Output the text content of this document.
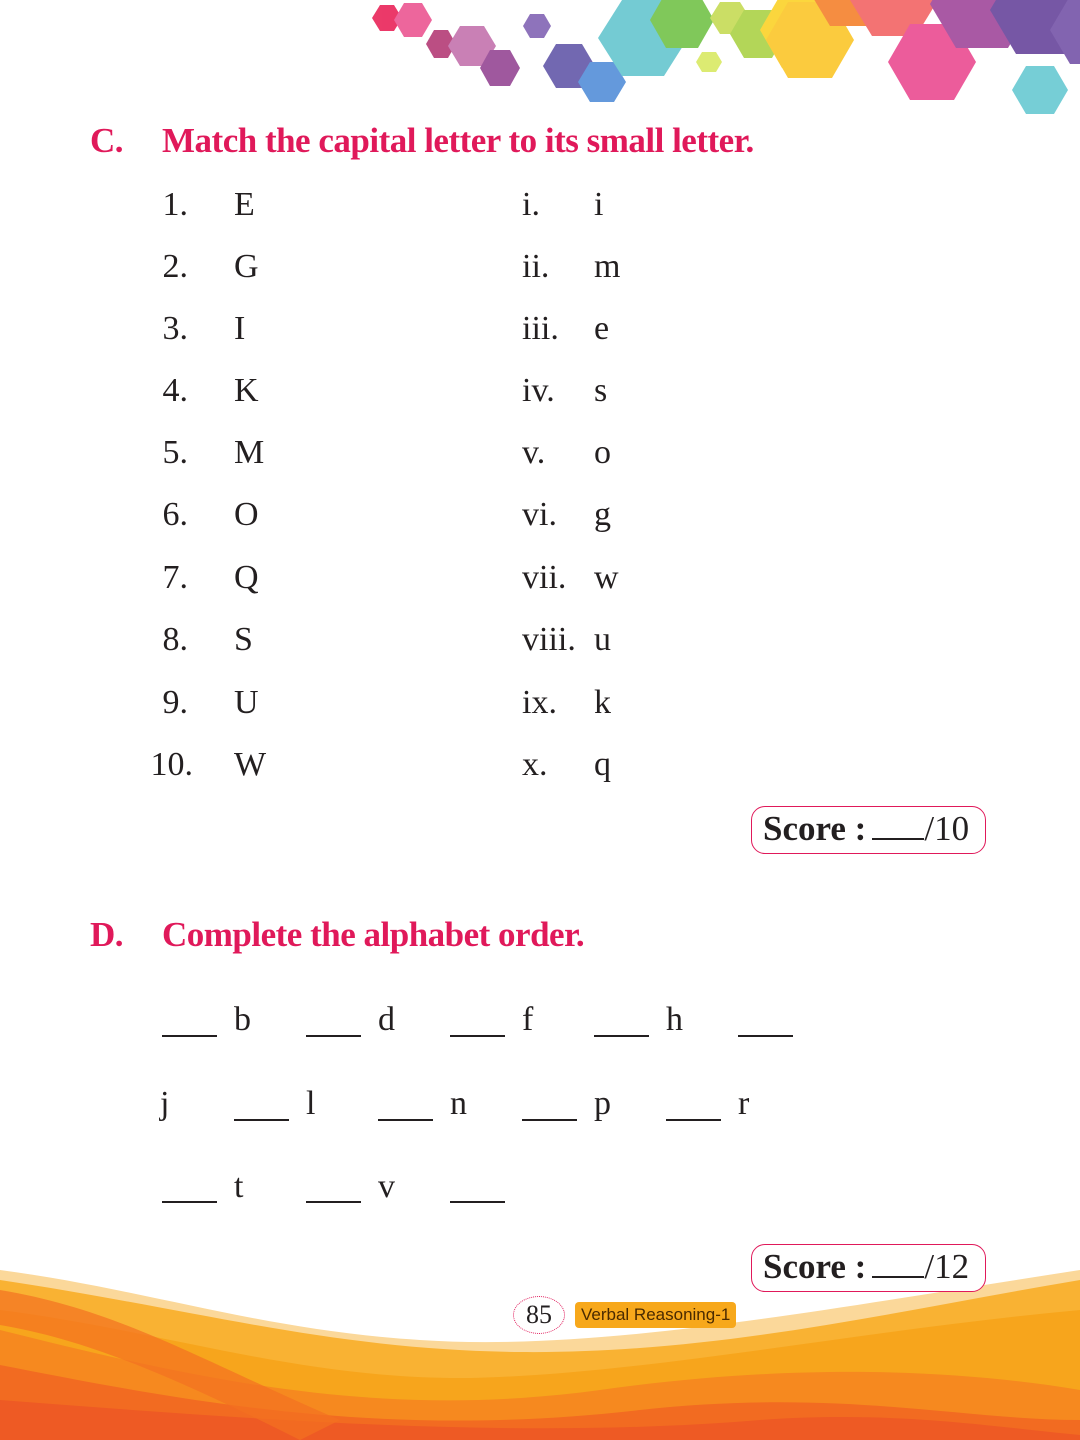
C. Match the capital letter to its small letter.
1. E	i. i
2. G	ii. m
3. I	iii. e
4. K	iv. s
5. M	v. o
6. O	vi. g
7. Q	vii. w
8. S	viii. u
9. U	ix. k
10. W	x. q
Score : /10
D. Complete the alphabet order.
b	d	f	h
j	l	n	p	r
t	v
Score : /12
85	Verbal Reasoning-1
